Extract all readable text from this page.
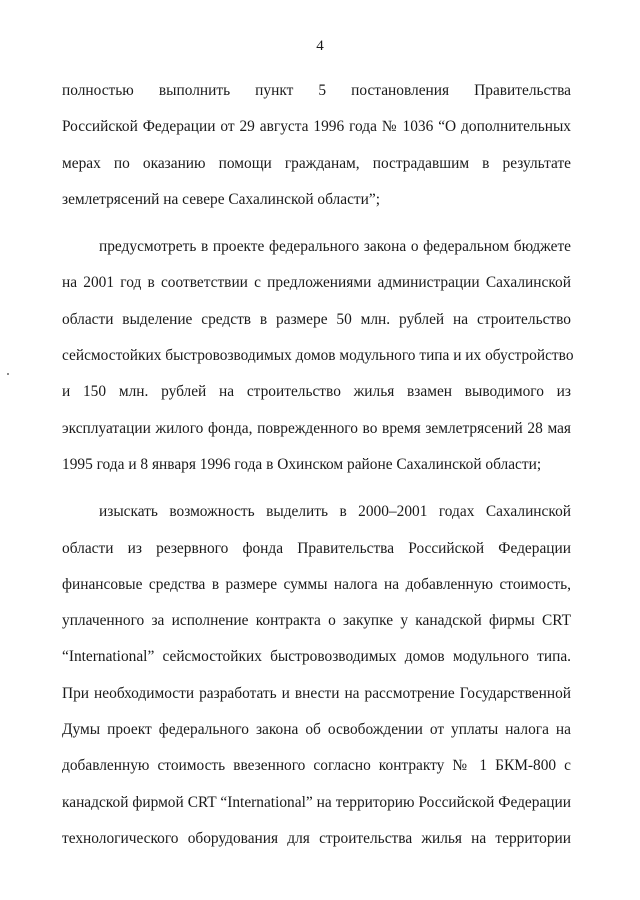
4
полностью выполнить пункт 5 постановления Правительства
Российской Федерации от 29 августа 1996 года № 1036 “О дополнительных
мерах по оказанию помощи гражданам, пострадавшим в результате
землетрясений на севере Сахалинской области”;
предусмотреть в проекте федерального закона о федеральном бюджете
на 2001 год в соответствии с предложениями администрации Сахалинской
области выделение средств в размере 50 млн. рублей на строительство
сейсмостойких быстровозводимых домов модульного типа и их обустройство
и 150 млн. рублей на строительство жилья взамен выводимого из
эксплуатации жилого фонда, поврежденного во время землетрясений 28 мая
1995 года и 8 января 1996 года в Охинском районе Сахалинской области;
изыскать возможность выделить в 2000–2001 годах Сахалинской
области из резервного фонда Правительства Российской Федерации
финансовые средства в размере суммы налога на добавленную стоимость,
уплаченного за исполнение контракта о закупке у канадской фирмы CRT
“International” сейсмостойких быстровозводимых домов модульного типа.
При необходимости разработать и внести на рассмотрение Государственной
Думы проект федерального закона об освобождении от уплаты налога на
добавленную стоимость ввезенного согласно контракту № 1 БКМ-800 с
канадской фирмой CRT “International” на территорию Российской Федерации
технологического оборудования для строительства жилья на территории
